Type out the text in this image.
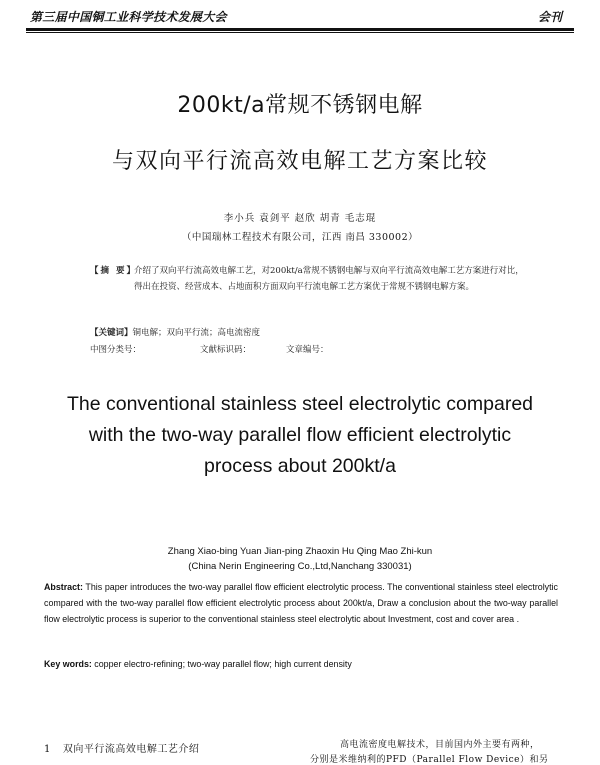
第三届中国铜工业科学技术发展大会	会刊
200kt/a常规不锈钢电解
与双向平行流高效电解工艺方案比较
李小兵 袁剑平 赵欣 胡青 毛志琨
（中国瑞林工程技术有限公司，江西 南昌 330002）
【摘 要】
介绍了双向平行流高效电解工艺，对200kt/a常规不锈钢电解与双向平行流高效电解工艺方案进行对比，得出在投资、经营成本、占地面积方面双向平行流电解工艺方案优于常规不锈钢电解方案。
【关键词】铜电解；双向平行流；高电流密度
中图分类号：	文献标识码：	文章编号：
The conventional stainless steel electrolytic compared
with the two-way parallel flow efficient electrolytic
process about 200kt/a
Zhang Xiao-bing Yuan Jian-ping Zhaoxin Hu Qing Mao Zhi-kun
(China Nerin Engineering Co.,Ltd,Nanchang 330031)
Abstract: This paper introduces the two-way parallel flow efficient electrolytic process. The conventional stainless steel electrolytic compared with the two-way parallel flow efficient electrolytic process about 200kt/a, Draw a conclusion about the two-way parallel flow electrolytic process is superior to the conventional stainless steel electrolytic about Investment, cost and cover area .
Key words: copper electro-refining; two-way parallel flow; high current density
1 双向平行流高效电解工艺介绍	高电流密度电解技术，目前国内外主要有两种，
分别是米维纳利的PFD（Parallel Flow Device）和另
